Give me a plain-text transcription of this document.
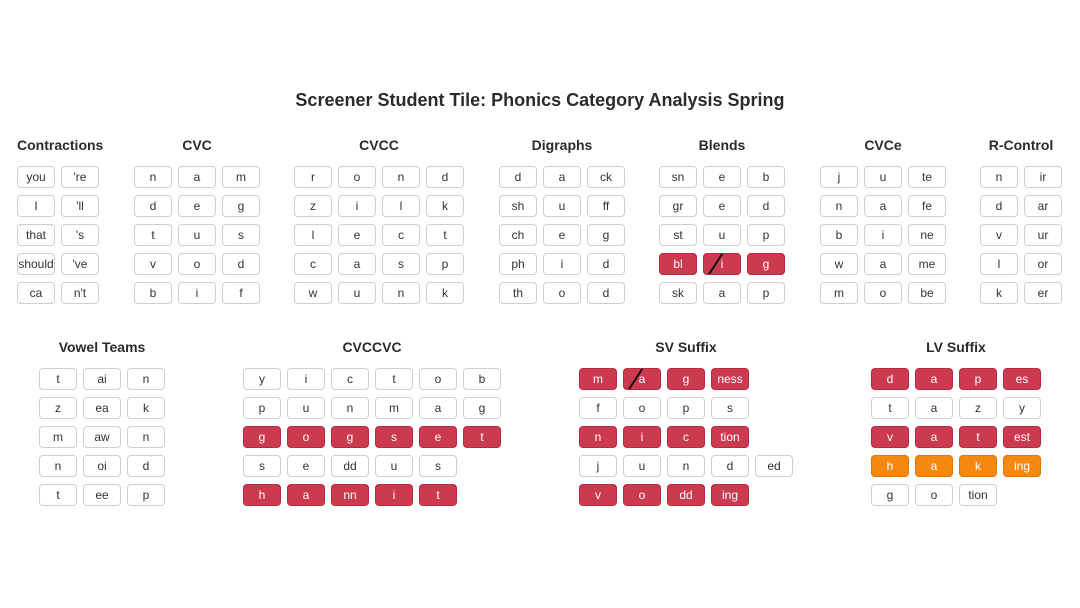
Screener Student Tile: Phonics Category Analysis Spring
Contractions
you 're
I	'll
that 's
should 've
ca	n't
CVC
n	a	m
d	e	g
t	u	s
v	o	d
b	i	f
CVCC
r	o	n	d
z	i	l	k
l	e	c	t
c	a	s	p
w	u	n	k
Digraphs
d	a	ck
sh	u	ff
ch	e	g
ph	i	d
th	o	d
Blends
sn	e	b
gr	e	d
st	u	p
bl	i	g
sk	a	p
CVCe
j	u	te
n	a	fe
b	i	ne
w	a	me
m	o	be
R-Control
n	ir
d	ar
v	ur
l	or
k	er
Vowel Teams
t	ai	n
z	ea	k
m	aw	n
n	oi	d
t	ee	p
CVCCVC
y	i	c	t	o	b
p	u	n	m	a	g
g	o	g	s	e	t
s	e	dd	u	s
h	a	nn	i	t
SV Suffix
m	a	g ness
f	o	p	s
n	i	c	tion
j	u	n	d	ed
v	o	dd ing
LV Suffix
d	a	p	es
t	a	z	y
v	a	t	est
h	a	k	ing
g	o	tion
